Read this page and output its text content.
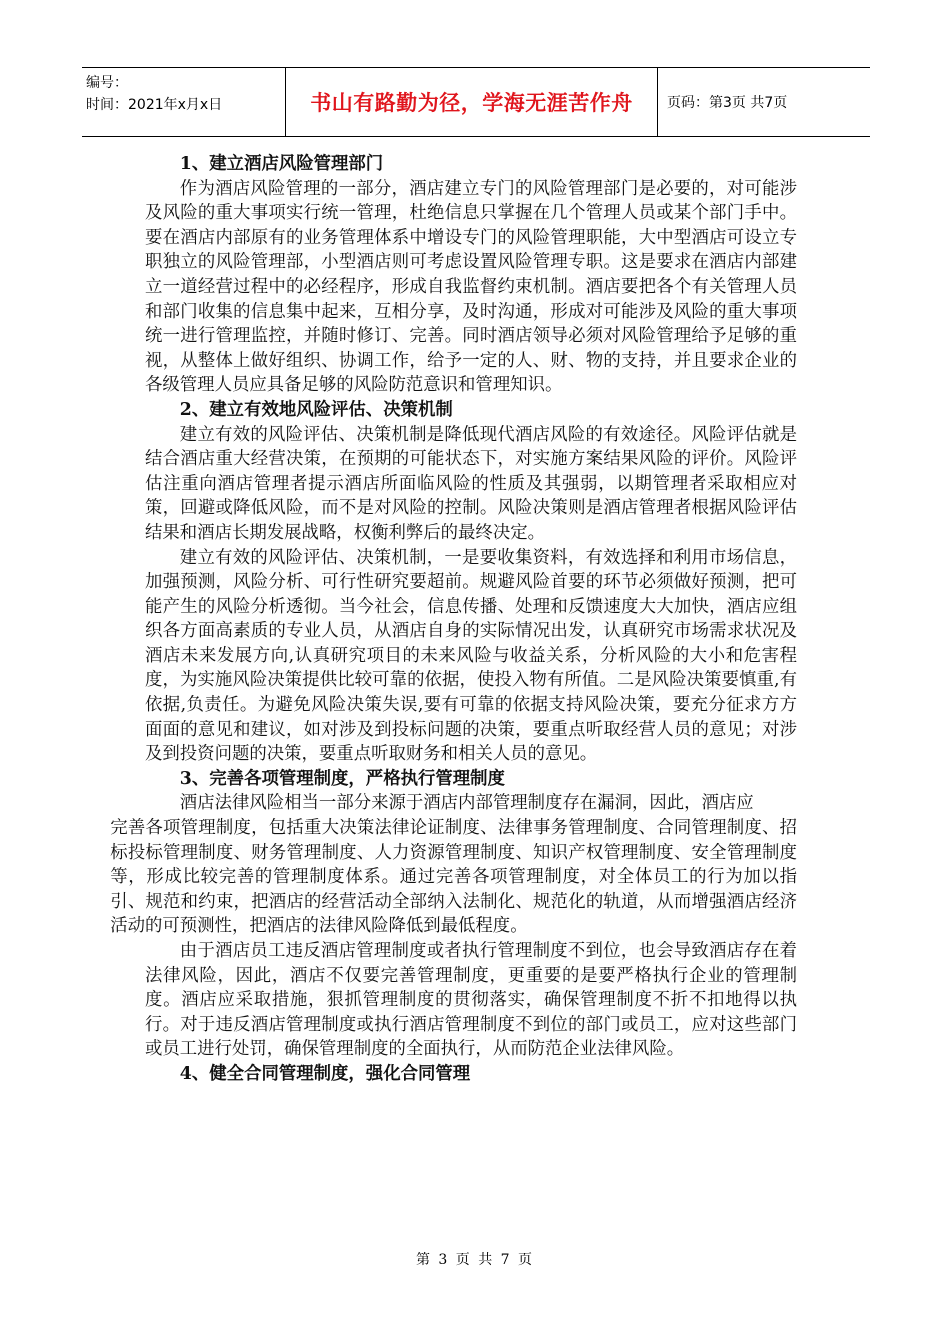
编号：
时间：2021年x月x日	书山有路勤为径，学海无涯苦作舟	页码：第3页 共7页
1、建立酒店风险管理部门

作为酒店风险管理的一部分，酒店建立专门的风险管理部门是必要的，对可能涉及风险的重大事项实行统一管理，杜绝信息只掌握在几个管理人员或某个部门手中。要在酒店内部原有的业务管理体系中增设专门的风险管理职能，大中型酒店可设立专职独立的风险管理部，小型酒店则可考虑设置风险管理专职。这是要求在酒店内部建立一道经营过程中的必经程序，形成自我监督约束机制。酒店要把各个有关管理人员和部门收集的信息集中起来，互相分享，及时沟通，形成对可能涉及风险的重大事项统一进行管理监控，并随时修订、完善。同时酒店领导必须对风险管理给予足够的重视，从整体上做好组织、协调工作，给予一定的人、财、物的支持，并且要求企业的各级管理人员应具备足够的风险防范意识和管理知识。

2、建立有效地风险评估、决策机制

建立有效的风险评估、决策机制是降低现代酒店风险的有效途径。风险评估就是结合酒店重大经营决策，在预期的可能状态下，对实施方案结果风险的评价。风险评估注重向酒店管理者提示酒店所面临风险的性质及其强弱，以期管理者采取相应对策，回避或降低风险，而不是对风险的控制。风险决策则是酒店管理者根据风险评估结果和酒店长期发展战略，权衡利弊后的最终决定。

建立有效的风险评估、决策机制，一是要收集资料，有效选择和利用市场信息，加强预测，风险分析、可行性研究要超前。规避风险首要的环节必须做好预测，把可能产生的风险分析透彻。当今社会，信息传播、处理和反馈速度大大加快，酒店应组织各方面高素质的专业人员，从酒店自身的实际情况出发，认真研究市场需求状况及酒店未来发展方向,认真研究项目的未来风险与收益关系，分析风险的大小和危害程度，为实施风险决策提供比较可靠的依据，使投入物有所值。二是风险决策要慎重,有依据,负责任。为避免风险决策失误,要有可靠的依据支持风险决策，要充分征求方方面面的意见和建议，如对涉及到投标问题的决策，要重点听取经营人员的意见；对涉及到投资问题的决策，要重点听取财务和相关人员的意见。

3、完善各项管理制度，严格执行管理制度

酒店法律风险相当一部分来源于酒店内部管理制度存在漏洞，因此，酒店应

完善各项管理制度，包括重大决策法律论证制度、法律事务管理制度、合同管理制度、招标投标管理制度、财务管理制度、人力资源管理制度、知识产权管理制度、安全管理制度等，形成比较完善的管理制度体系。通过完善各项管理制度，对全体员工的行为加以指引、规范和约束，把酒店的经营活动全部纳入法制化、规范化的轨道，从而增强酒店经济活动的可预测性，把酒店的法律风险降低到最低程度。

由于酒店员工违反酒店管理制度或者执行管理制度不到位，也会导致酒店存在着法律风险，因此，酒店不仅要完善管理制度，更重要的是要严格执行企业的管理制度。酒店应采取措施，狠抓管理制度的贯彻落实，确保管理制度不折不扣地得以执行。对于违反酒店管理制度或执行酒店管理制度不到位的部门或员工，应对这些部门或员工进行处罚，确保管理制度的全面执行，从而防范企业法律风险。

4、健全合同管理制度，强化合同管理
第 3 页 共 7 页
